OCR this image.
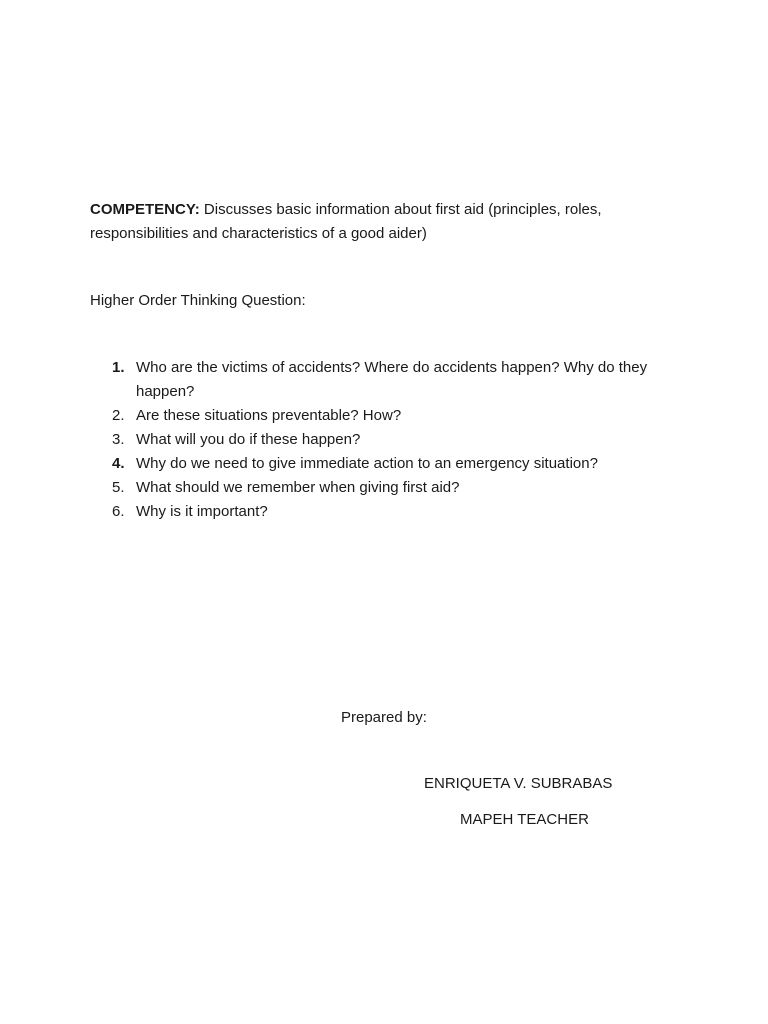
COMPETENCY: Discusses basic information about first aid (principles, roles, responsibilities and characteristics of a good aider)
Higher Order Thinking Question:
1. Who are the victims of accidents? Where do accidents happen? Why do they happen?
2. Are these situations preventable? How?
3. What will you do if these happen?
4. Why do we need to give immediate action to an emergency situation?
5. What should we remember when giving first aid?
6. Why is it important?
Prepared by:
ENRIQUETA V. SUBRABAS
MAPEH TEACHER
